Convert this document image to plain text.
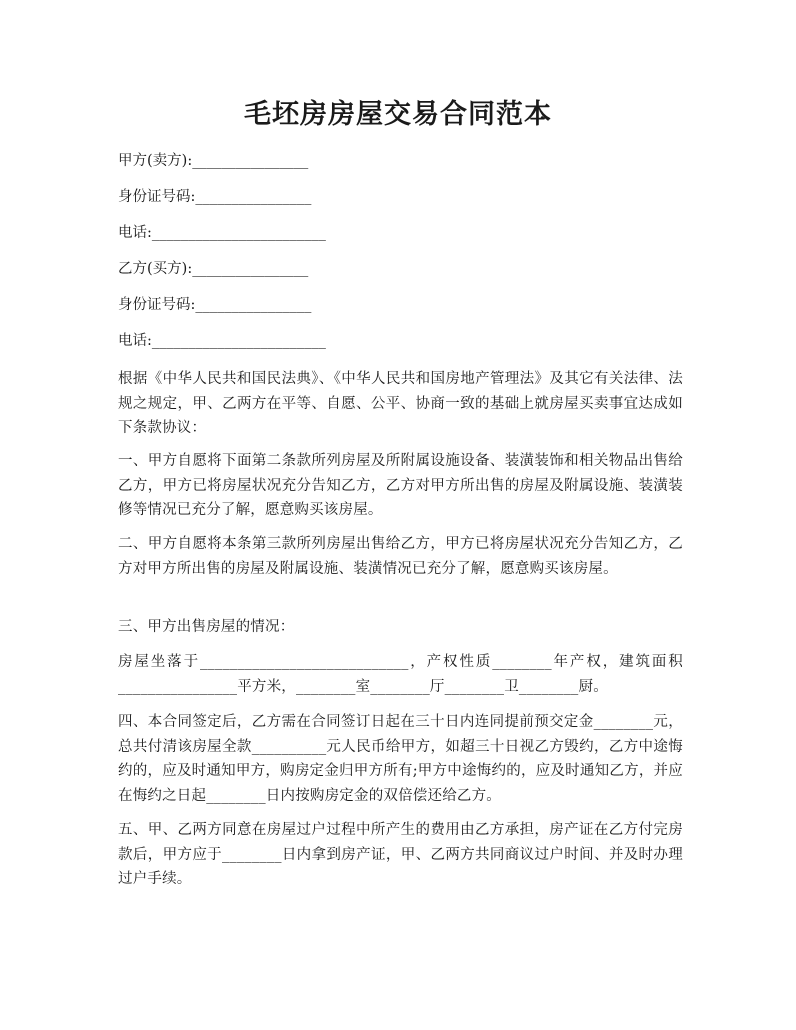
毛坯房房屋交易合同范本
甲方(卖方):________________
身份证号码:________________
电话:________________________
乙方(买方):________________
身份证号码:________________
电话:________________________

根据《中华人民共和国民法典》、《中华人民共和国房地产管理法》及其它有关法律、法规之规定，甲、乙两方在平等、自愿、公平、协商一致的基础上就房屋买卖事宜达成如下条款协议：

一、甲方自愿将下面第二条款所列房屋及所附属设施设备、装潢装饰和相关物品出售给乙方，甲方已将房屋状况充分告知乙方，乙方对甲方所出售的房屋及附属设施、装潢装修等情况已充分了解，愿意购买该房屋。

二、甲方自愿将本条第三款所列房屋出售给乙方，甲方已将房屋状况充分告知乙方，乙方对甲方所出售的房屋及附属设施、装潢情况已充分了解，愿意购买该房屋。

三、甲方出售房屋的情况：

房屋坐落于____________________________，产权性质________年产权，建筑面积________________平方米，________室________厅________卫________厨。

四、本合同签定后，乙方需在合同签订日起在三十日内连同提前预交定金________元，总共付清该房屋全款__________元人民币给甲方，如超三十日视乙方毁约，乙方中途悔约的，应及时通知甲方，购房定金归甲方所有;甲方中途悔约的，应及时通知乙方，并应在悔约之日起________日内按购房定金的双倍偿还给乙方。

五、甲、乙两方同意在房屋过户过程中所产生的费用由乙方承担，房产证在乙方付完房款后，甲方应于________日内拿到房产证，甲、乙两方共同商议过户时间、并及时办理过户手续。
